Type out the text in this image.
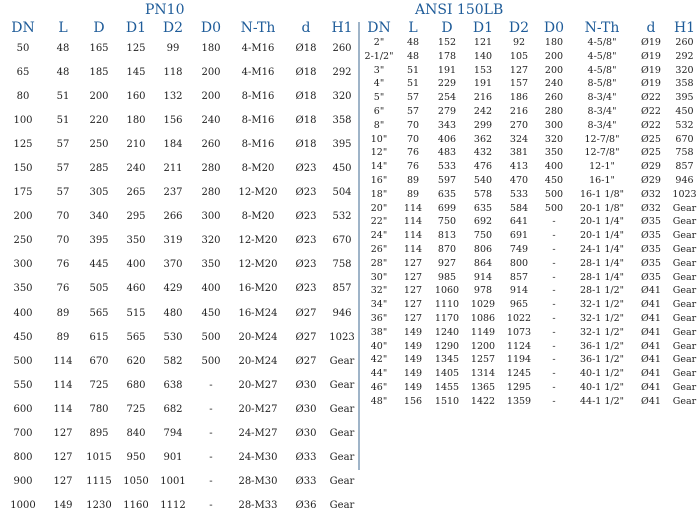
PN10
DN	L	D	D1	D2	D0	N-Th	d	H1
50	48	165	125	99	180	4-M16	Ø18	260
65	48	185	145	118	200	4-M16	Ø18	292
80	51	200	160	132	200	8-M16	Ø18	320
100	51	220	180	156	240	8-M16	Ø18	358
125	57	250	210	184	260	8-M16	Ø18	395
150	57	285	240	211	280	8-M20	Ø23	450
175	57	305	265	237	280	12-M20	Ø23	504
200	70	340	295	266	300	8-M20	Ø23	532
250	70	395	350	319	320	12-M20	Ø23	670
300	76	445	400	370	350	12-M20	Ø23	758
350	76	505	460	429	400	16-M20	Ø23	857
400	89	565	515	480	450	16-M24	Ø27	946
450	89	615	565	530	500	20-M24	Ø27	1023
500	114	670	620	582	500	20-M24	Ø27	Gear
550	114	725	680	638	-	20-M27	Ø30	Gear
600	114	780	725	682	-	20-M27	Ø30	Gear
700	127	895	840	794	-	24-M27	Ø30	Gear
800	127	1015	950	901	-	24-M30	Ø33	Gear
900	127	1115	1050	1001	-	28-M30	Ø33	Gear
1000	149	1230	1160	1112	-	28-M33	Ø36	Gear
ANSI 150LB
DN	L	D	D1	D2	D0	N-Th	d	H1
2"	48	152	121	92	180	4-5/8"	Ø19	260
2-1/2"	48	178	140	105	200	4-5/8"	Ø19	292
3"	51	191	153	127	200	4-5/8"	Ø19	320
4"	51	229	191	157	240	8-5/8"	Ø19	358
5"	57	254	216	186	260	8-3/4"	Ø22	395
6"	57	279	242	216	280	8-3/4"	Ø22	450
8"	70	343	299	270	300	8-3/4"	Ø22	532
10"	70	406	362	324	320	12-7/8"	Ø25	670
12"	76	483	432	381	350	12-7/8"	Ø25	758
14"	76	533	476	413	400	12-1"	Ø29	857
16"	89	597	540	470	450	16-1"	Ø29	946
18"	89	635	578	533	500	16-1 1/8"	Ø32	1023
20"	114	699	635	584	500	20-1 1/8"	Ø32	Gear
22"	114	750	692	641	-	20-1 1/4"	Ø35	Gear
24"	114	813	750	691	-	20-1 1/4"	Ø35	Gear
26"	114	870	806	749	-	24-1 1/4"	Ø35	Gear
28"	127	927	864	800	-	28-1 1/4"	Ø35	Gear
30"	127	985	914	857	-	28-1 1/4"	Ø35	Gear
32"	127	1060	978	914	-	28-1 1/2"	Ø41	Gear
34"	127	1110	1029	965	-	32-1 1/2"	Ø41	Gear
36"	127	1170	1086	1022	-	32-1 1/2"	Ø41	Gear
38"	149	1240	1149	1073	-	32-1 1/2"	Ø41	Gear
40"	149	1290	1200	1124	-	36-1 1/2"	Ø41	Gear
42"	149	1345	1257	1194	-	36-1 1/2"	Ø41	Gear
44"	149	1405	1314	1245	-	40-1 1/2"	Ø41	Gear
46"	149	1455	1365	1295	-	40-1 1/2"	Ø41	Gear
48"	156	1510	1422	1359	-	44-1 1/2"	Ø41	Gear
